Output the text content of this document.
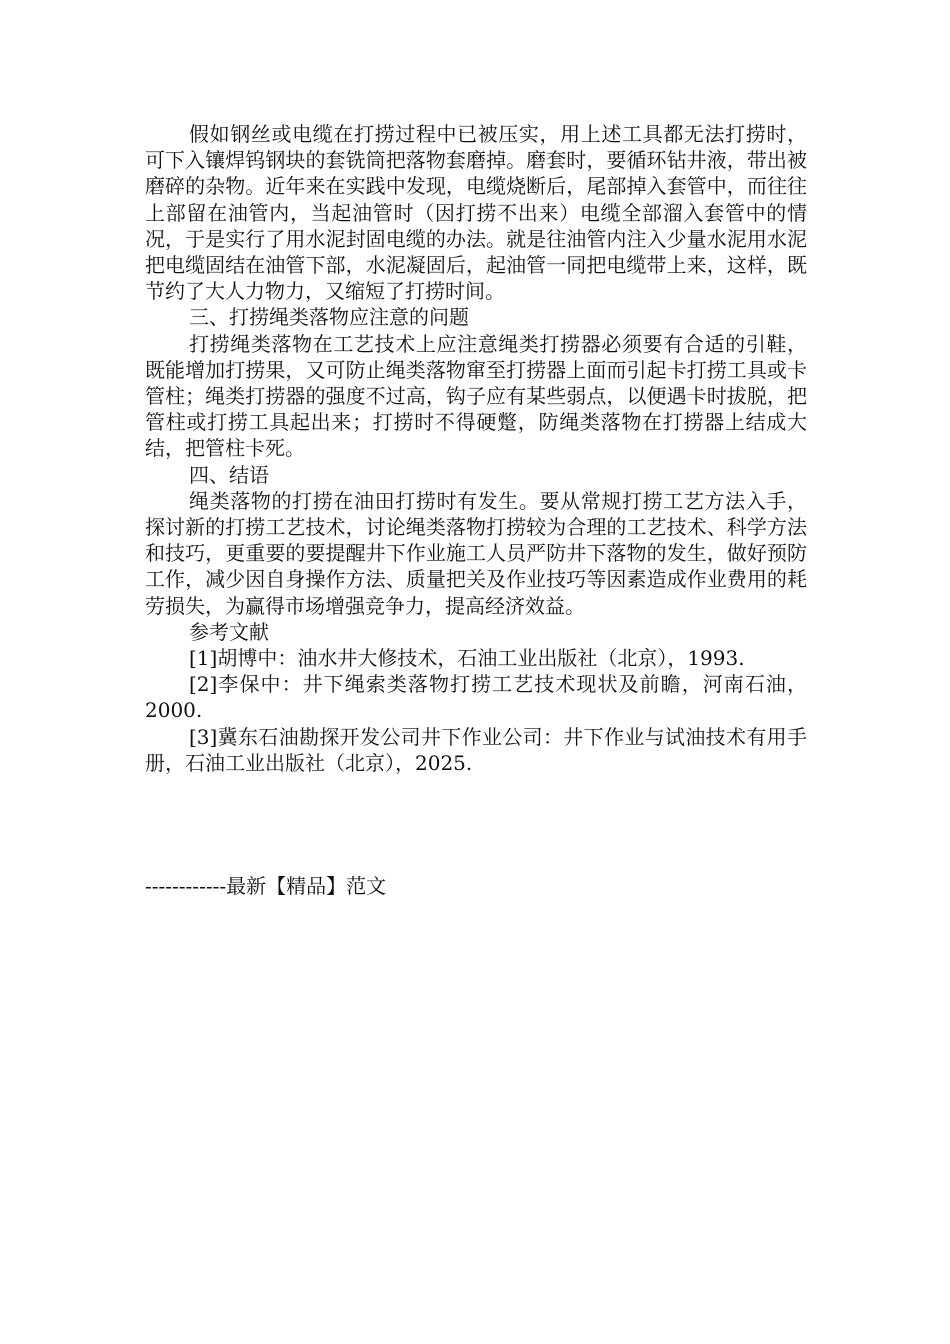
假如钢丝或电缆在打捞过程中已被压实，用上述工具都无法打捞时，可下入镶焊钨钢块的套铣筒把落物套磨掉。磨套时，要循环钻井液，带出被磨碎的杂物。近年来在实践中发现，电缆烧断后，尾部掉入套管中，而往往上部留在油管内，当起油管时（因打捞不出来）电缆全部溜入套管中的情况，于是实行了用水泥封固电缆的办法。就是往油管内注入少量水泥用水泥把电缆固结在油管下部，水泥凝固后，起油管一同把电缆带上来，这样，既节约了大人力物力，又缩短了打捞时间。

三、打捞绳类落物应注意的问题

打捞绳类落物在工艺技术上应注意绳类打捞器必须要有合适的引鞋，既能增加打捞果，又可防止绳类落物窜至打捞器上面而引起卡打捞工具或卡管柱；绳类打捞器的强度不过高，钩子应有某些弱点，以便遇卡时拔脱，把管柱或打捞工具起出来；打捞时不得硬蹩，防绳类落物在打捞器上结成大结，把管柱卡死。

四、结语

绳类落物的打捞在油田打捞时有发生。要从常规打捞工艺方法入手，探讨新的打捞工艺技术，讨论绳类落物打捞较为合理的工艺技术、科学方法和技巧，更重要的要提醒井下作业施工人员严防井下落物的发生，做好预防工作，减少因自身操作方法、质量把关及作业技巧等因素造成作业费用的耗劳损失，为赢得市场增强竞争力，提高经济效益。

参考文献

[1]胡博中：油水井大修技术，石油工业出版社（北京），1993.

[2]李保中：井下绳索类落物打捞工艺技术现状及前瞻，河南石油，2000.

[3]冀东石油勘探开发公司井下作业公司：井下作业与试油技术有用手册，石油工业出版社（北京），2025.

------------最新【精品】范文
